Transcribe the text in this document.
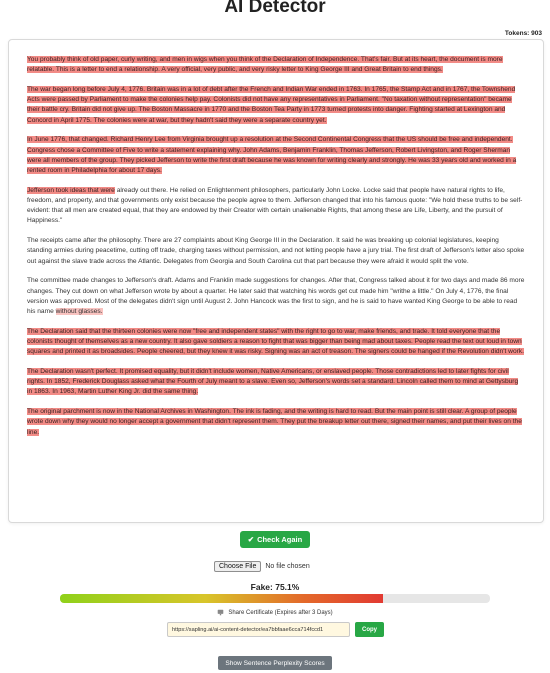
AI Detector
Tokens: 903

You probably think of old paper, curly writing, and men in wigs when you think of the Declaration of Independence. That's fair. But at its heart, the document is more relatable. This is a letter to end a relationship. A very official, very public, and very risky letter to King George III and Great Britain to end things.

The war began long before July 4, 1776. Britain was in a lot of debt after the French and Indian War ended in 1763. In 1765, the Stamp Act and in 1767, the Townshend Acts were passed by Parliament to make the colonies help pay. Colonists did not have any representatives in Parliament. "No taxation without representation" became their battle cry. Britain did not give up. The Boston Massacre in 1770 and the Boston Tea Party in 1773 turned protests into danger. Fighting started at Lexington and Concord in April 1775. The colonies were at war, but they hadn't said they were a separate country yet.

In June 1776, that changed. Richard Henry Lee from Virginia brought up a resolution at the Second Continental Congress that the US should be free and independent. Congress chose a Committee of Five to write a statement explaining why. John Adams, Benjamin Franklin, Thomas Jefferson, Robert Livingston, and Roger Sherman were all members of the group. They picked Jefferson to write the first draft because he was known for writing clearly and strongly. He was 33 years old and worked in a rented room in Philadelphia for about 17 days.

Jefferson took ideas that were already out there. He relied on Enlightenment philosophers, particularly John Locke. Locke said that people have natural rights to life, freedom, and property, and that governments only exist because the people agree to them. Jefferson changed that into his famous quote: "We hold these truths to be self-evident: that all men are created equal, that they are endowed by their Creator with certain unalienable Rights, that among these are Life, Liberty, and the pursuit of Happiness."

The receipts came after the philosophy. There are 27 complaints about King George III in the Declaration. It said he was breaking up colonial legislatures, keeping standing armies during peacetime, cutting off trade, charging taxes without permission, and not letting people have a jury trial. The first draft of Jefferson's letter also spoke out against the slave trade across the Atlantic. Delegates from Georgia and South Carolina cut that part because they were afraid it would split the vote.

The committee made changes to Jefferson's draft. Adams and Franklin made suggestions for changes. After that, Congress talked about it for two days and made 86 more changes. They cut down on what Jefferson wrote by about a quarter. He later said that watching his words get cut made him "writhe a little." On July 4, 1776, the final version was approved. Most of the delegates didn't sign until August 2. John Hancock was the first to sign, and he is said to have wanted King George to be able to read his name without glasses.

The Declaration said that the thirteen colonies were now "free and independent states" with the right to go to war, make friends, and trade. It told everyone that the colonists thought of themselves as a new country. It also gave soldiers a reason to fight that was bigger than being mad about taxes. People read the text out loud in town squares and printed it as broadsides. People cheered, but they knew it was risky. Signing was an act of treason. The signers could be hanged if the Revolution didn't work.

The Declaration wasn't perfect. It promised equality, but it didn't include women, Native Americans, or enslaved people. Those contradictions led to later fights for civil rights. In 1852, Frederick Douglass asked what the Fourth of July meant to a slave. Even so, Jefferson's words set a standard. Lincoln called them to mind at Gettysburg in 1863. In 1963, Martin Luther King Jr. did the same thing.

The original parchment is now in the National Archives in Washington. The ink is fading, and the writing is hard to read. But the main point is still clear. A group of people wrote down why they would no longer accept a government that didn't represent them. They put the breakup letter out there, signed their names, and put their lives on the line.

✔ Check Again
Choose File	No file chosen
Fake: 75.1%
Share Certificate (Expires after 3 Days)
https://sapling.ai/ai-content-detector/ea7bbfaae6cca714fccd1
Copy
Show Sentence Perplexity Scores
